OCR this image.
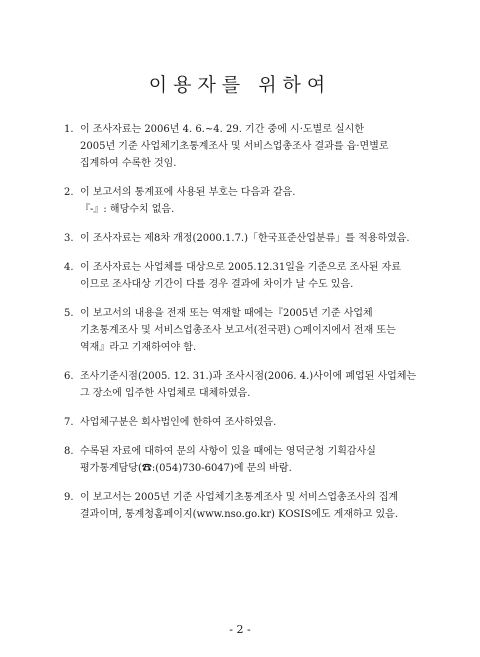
이용자를 위하여
1. 이 조사자료는 2006년 4. 6.~4. 29. 기간 중에 시·도별로 실시한
2005년 기준 사업체기초통계조사 및 서비스업총조사 결과를 읍·면별로
집계하여 수록한 것임.
2. 이 보고서의 통계표에 사용된 부호는 다음과 같음.
『-』: 해당수치 없음.
3. 이 조사자료는 제8차 개정(2000.1.7.)「한국표준산업분류」를 적용하였음.
4. 이 조사자료는 사업체를 대상으로 2005.12.31일을 기준으로 조사된 자료
이므로 조사대상 기간이 다를 경우 결과에 차이가 날 수도 있음.
5. 이 보고서의 내용을 전재 또는 역재할 때에는『2005년 기준 사업체
기초통계조사 및 서비스업총조사 보고서(전국편) ○페이지에서 전재 또는
역재』라고 기재하여야 함.
6. 조사기준시점(2005. 12. 31.)과 조사시점(2006. 4.)사이에 폐업된 사업체는
그 장소에 입주한 사업체로 대체하였음.
7. 사업체구분은 회사법인에 한하여 조사하였음.
8. 수록된 자료에 대하여 문의 사항이 있을 때에는 영덕군청 기획감사실
평가통계담당(☎:(054)730-6047)에 문의 바람.
9. 이 보고서는 2005년 기준 사업체기초통계조사 및 서비스업총조사의 집계
결과이며, 통계청홈페이지(www.nso.go.kr) KOSIS에도 게재하고 있음.
- 2 -
